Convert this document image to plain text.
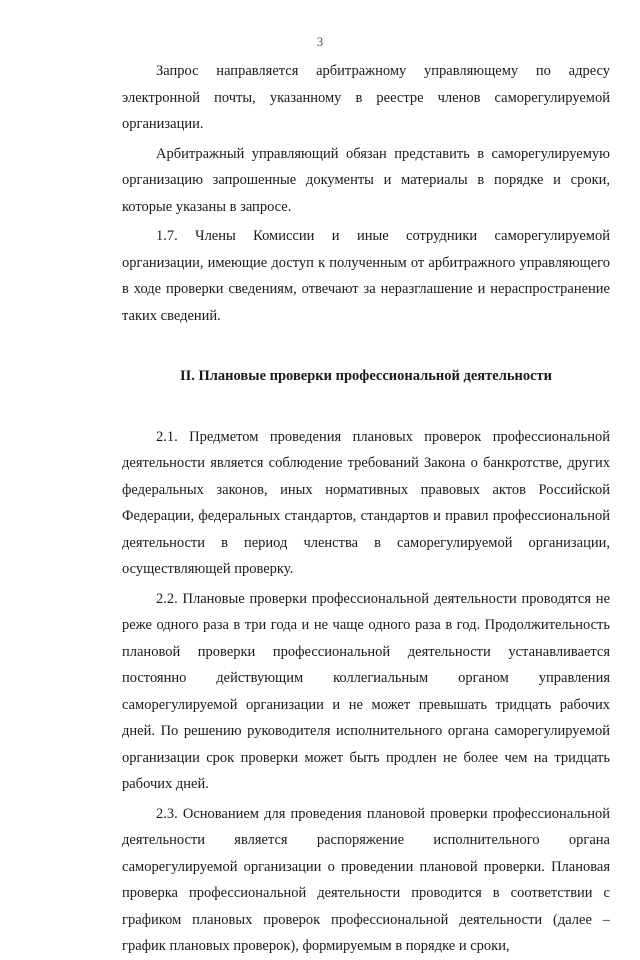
3

Запрос направляется арбитражному управляющему по адресу электронной почты, указанному в реестре членов саморегулируемой организации.

Арбитражный управляющий обязан представить в саморегулируемую организацию запрошенные документы и материалы в порядке и сроки, которые указаны в запросе.

1.7. Члены Комиссии и иные сотрудники саморегулируемой организации, имеющие доступ к полученным от арбитражного управляющего в ходе проверки сведениям, отвечают за неразглашение и нераспространение таких сведений.

II. Плановые проверки профессиональной деятельности

2.1. Предметом проведения плановых проверок профессиональной деятельности является соблюдение требований Закона о банкротстве, других федеральных законов, иных нормативных правовых актов Российской Федерации, федеральных стандартов, стандартов и правил профессиональной деятельности в период членства в саморегулируемой организации, осуществляющей проверку.

2.2. Плановые проверки профессиональной деятельности проводятся не реже одного раза в три года и не чаще одного раза в год. Продолжительность плановой проверки профессиональной деятельности устанавливается постоянно действующим коллегиальным органом управления саморегулируемой организации и не может превышать тридцать рабочих дней. По решению руководителя исполнительного органа саморегулируемой организации срок проверки может быть продлен не более чем на тридцать рабочих дней.

2.3. Основанием для проведения плановой проверки профессиональной деятельности является распоряжение исполнительного органа саморегулируемой организации о проведении плановой проверки. Плановая проверка профессиональной деятельности проводится в соответствии с графиком плановых проверок профессиональной деятельности (далее – график плановых проверок), формируемым в порядке и сроки,
